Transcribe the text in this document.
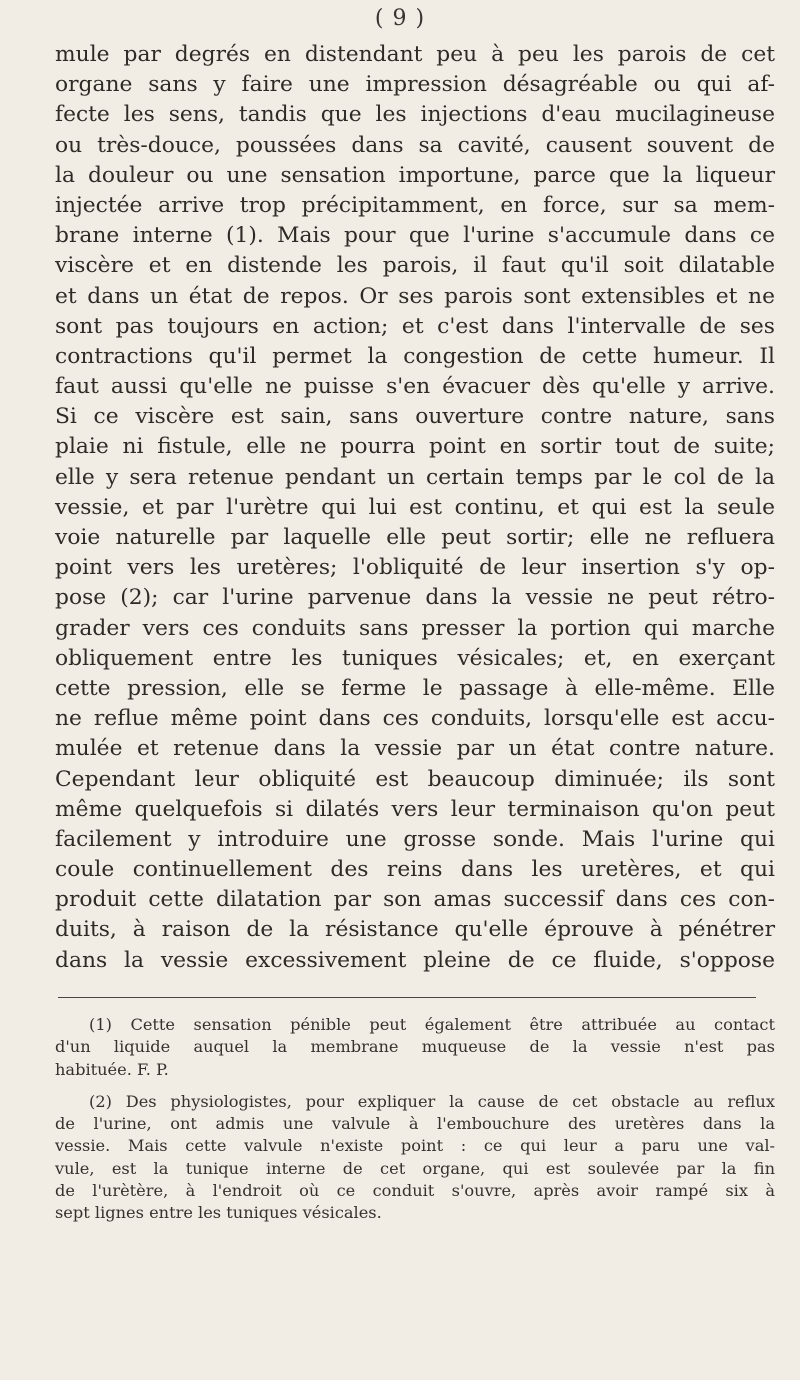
( 9 )
mule par degrés en distendant peu à peu les parois de cet
organe sans y faire une impression désagréable ou qui af-
fecte les sens, tandis que les injections d'eau mucilagineuse
ou très-douce, poussées dans sa cavité, causent souvent de
la douleur ou une sensation importune, parce que la liqueur
injectée arrive trop précipitamment, en force, sur sa mem-
brane interne (1). Mais pour que l'urine s'accumule dans ce
viscère et en distende les parois, il faut qu'il soit dilatable
et dans un état de repos. Or ses parois sont extensibles et ne
sont pas toujours en action; et c'est dans l'intervalle de ses
contractions qu'il permet la congestion de cette humeur. Il
faut aussi qu'elle ne puisse s'en évacuer dès qu'elle y arrive.
Si ce viscère est sain, sans ouverture contre nature, sans
plaie ni fistule, elle ne pourra point en sortir tout de suite;
elle y sera retenue pendant un certain temps par le col de la
vessie, et par l'urètre qui lui est continu, et qui est la seule
voie naturelle par laquelle elle peut sortir; elle ne refluera
point vers les uretères; l'obliquité de leur insertion s'y op-
pose (2); car l'urine parvenue dans la vessie ne peut rétro-
grader vers ces conduits sans presser la portion qui marche
obliquement entre les tuniques vésicales; et, en exerçant
cette pression, elle se ferme le passage à elle-même. Elle
ne reflue même point dans ces conduits, lorsqu'elle est accu-
mulée et retenue dans la vessie par un état contre nature.
Cependant leur obliquité est beaucoup diminuée; ils sont
même quelquefois si dilatés vers leur terminaison qu'on peut
facilement y introduire une grosse sonde. Mais l'urine qui
coule continuellement des reins dans les uretères, et qui
produit cette dilatation par son amas successif dans ces con-
duits, à raison de la résistance qu'elle éprouve à pénétrer
dans la vessie excessivement pleine de ce fluide, s'oppose
(1) Cette sensation pénible peut également être attribuée au contact
d'un liquide auquel la membrane muqueuse de la vessie n'est pas
habituée. F. P.
(2) Des physiologistes, pour expliquer la cause de cet obstacle au reflux
de l'urine, ont admis une valvule à l'embouchure des uretères dans la
vessie. Mais cette valvule n'existe point : ce qui leur a paru une val-
vule, est la tunique interne de cet organe, qui est soulevée par la fin
de l'urètère, à l'endroit où ce conduit s'ouvre, après avoir rampé six à
sept lignes entre les tuniques vésicales.
